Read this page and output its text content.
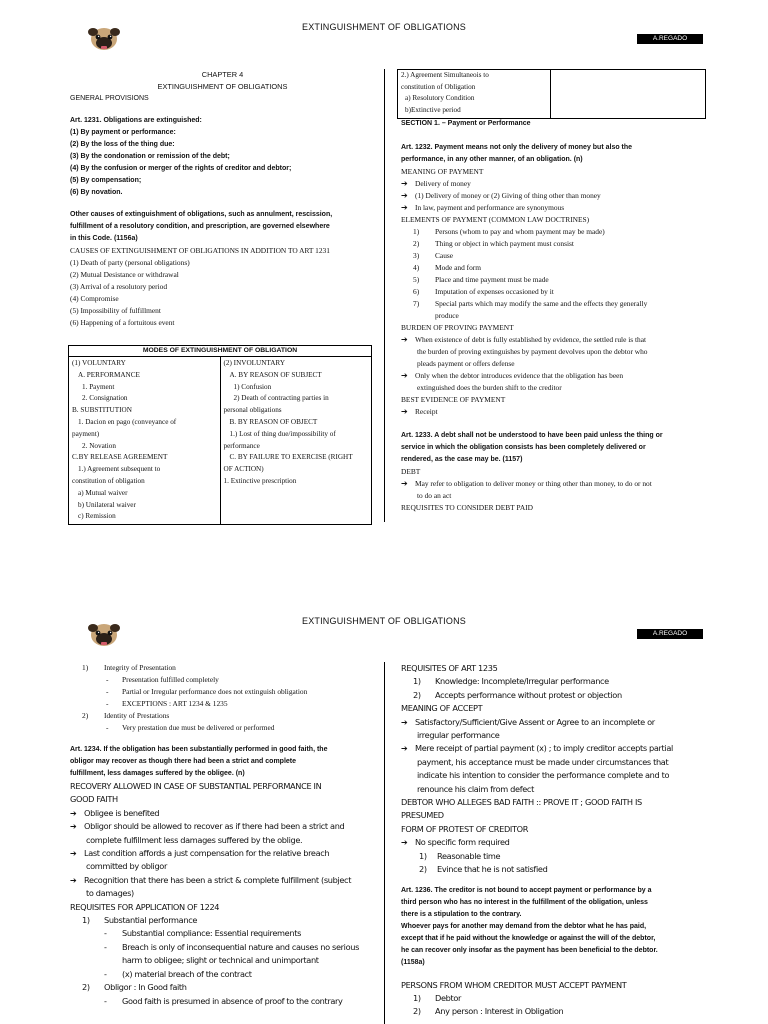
EXTINGUISHMENT OF OBLIGATIONS
A.REGADO
CHAPTER 4
EXTINGUISHMENT OF OBLIGATIONS
GENERAL PROVISIONS
Art. 1231. Obligations are extinguished:
(1) By payment or performance:
(2) By the loss of the thing due:
(3) By the condonation or remission of the debt;
(4) By the confusion or merger of the rights of creditor and debtor;
(5) By compensation;
(6) By novation.
Other causes of extinguishment of obligations, such as annulment, rescission,
fulfillment of a resolutory condition, and prescription, are governed elsewhere
in this Code. (1156a)
CAUSES OF EXTINGUISHMENT OF OBLIGATIONS IN ADDITION TO ART 1231
(1) Death of party (personal obligations)
(2) Mutual Desistance or withdrawal
(3) Arrival of a resolutory period
(4) Compromise
(5) Impossibility of fulfillment
(6) Happening of a fortuitous event
MODES OF EXTINGUISHMENT OF OBLIGATION

(1) VOLUNTARY
A. PERFORMANCE
1. Payment
2. Consignation
B. SUBSTITUTION
1. Dacion en pago (conveyance of
payment)
2. Novation
C.BY RELEASE AGREEMENT
1.) Agreement subsequent to
constitution of obligation
a) Mutual waiver
b) Unilateral waiver
c) Remission

(2) INVOLUNTARY
A. BY REASON OF SUBJECT
1) Confusion
2) Death of contracting parties in
personal obligations
B. BY REASON OF OBJECT
1.) Lost of thing due/impossibility of
performance
C. BY FAILURE TO EXERCISE (RIGHT
OF ACTION)
1. Extinctive prescription
2.) Agreement Simultaneois to
constitution of Obligation
a) Resolutory Condition
b)Extinctive period
SECTION 1. – Payment or Performance
Art. 1232. Payment means not only the delivery of money but also the
performance, in any other manner, of an obligation. (n)
MEANING OF PAYMENT
➔ Delivery of money
➔ (1) Delivery of money or (2) Giving of thing other than money
➔ In law, payment and performance are synonymous
ELEMENTS OF PAYMENT (COMMON LAW DOCTRINES)
1) Persons (whom to pay and whom payment may be made)
2) Thing or object in which payment must consist
3) Cause
4) Mode and form
5) Place and time payment must be made
6) Imputation of expenses occasioned by it
7) Special parts which may modify the same and the effects they generally
produce
BURDEN OF PROVING PAYMENT
➔ When existence of debt is fully established by evidence, the settled rule is that
the burden of proving extinguishes by payment devolves upon the debtor who
pleads payment or offers defense
➔ Only when the debtor introduces evidence that the obligation has been
extinguished does the burden shift to the creditor
BEST EVIDENCE OF PAYMENT
➔ Receipt
Art. 1233. A debt shall not be understood to have been paid unless the thing or
service in which the obligation consists has been completely delivered or
rendered, as the case may be. (1157)
DEBT
➔ May refer to obligation to deliver money or thing other than money, to do or not
to do an act
REQUISITES TO CONSIDER DEBT PAID
EXTINGUISHMENT OF OBLIGATIONS
A.REGADO
1) Integrity of Presentation
- Presentation fulfilled completely
- Partial or Irregular performance does not extinguish obligation
- EXCEPTIONS : ART 1234 & 1235
2) Identity of Prestations
- Very prestation due must be delivered or performed
Art. 1234. If the obligation has been substantially performed in good faith, the
obligor may recover as though there had been a strict and complete
fulfillment, less damages suffered by the obligee. (n)
RECOVERY ALLOWED IN CASE OF SUBSTANTIAL PERFORMANCE IN
GOOD FAITH
➔ Obligee is benefited
➔ Obligor should be allowed to recover as if there had been a strict and
complete fulfillment less damages suffered by the oblige.
➔ Last condition affords a just compensation for the relative breach
committed by obligor
➔ Recognition that there has been a strict & complete fulfillment (subject
to damages)
REQUISITES FOR APPLICATION OF 1224
1) Substantial performance
- Substantial compliance: Essential requirements
- Breach is only of inconsequential nature and causes no serious
harm to obligee; slight or technical and unimportant
- (x) material breach of the contract
2) Obligor : In Good faith
- Good faith is presumed in absence of proof to the contrary
REQUISITES OF ART 1235
1) Knowledge: Incomplete/Irregular performance
2) Accepts performance without protest or objection
MEANING OF ACCEPT
➔ Satisfactory/Sufficient/Give Assent or Agree to an incomplete or
irregular performance
➔ Mere receipt of partial payment (x) ; to imply creditor accepts partial
payment, his acceptance must be made under circumstances that
indicate his intention to consider the performance complete and to
renounce his claim from defect
DEBTOR WHO ALLEGES BAD FAITH :: PROVE IT ; GOOD FAITH IS
PRESUMED
FORM OF PROTEST OF CREDITOR
➔ No specific form required
1) Reasonable time
2) Evince that he is not satisfied
Art. 1236. The creditor is not bound to accept payment or performance by a
third person who has no interest in the fulfillment of the obligation, unless
there is a stipulation to the contrary.
Whoever pays for another may demand from the debtor what he has paid,
except that if he paid without the knowledge or against the will of the debtor,
he can recover only insofar as the payment has been beneficial to the debtor.
(1158a)
PERSONS FROM WHOM CREDITOR MUST ACCEPT PAYMENT
1) Debtor
2) Any person : Interest in Obligation
